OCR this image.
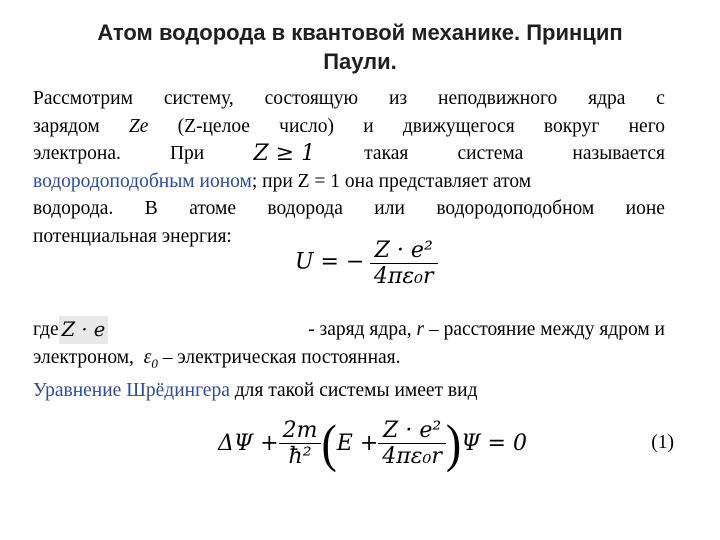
Атом водорода в квантовой механике. Принцип
Паули.
Рассмотрим систему, состоящую из неподвижного ядра с
зарядом Ze (Z-целое число) и движущегося вокруг него
электрона.	При Z ≥ 1	такая	система	называется
водородоподобным ионом; при Z = 1 она представляет атом
водорода. В атоме водорода или водородоподобном ионе
потенциальная энергия:
U = − $\frac{\text{Z · e²}}{\text{4πε₀r}}$
где Z · e	- заряд ядра,
r
– расстояние между ядром и
электроном, $\varepsilon_0$ – электрическая постоянная.
Уравнение Шрёдингера для такой системы имеет вид
$\Delta\Psi + \frac{2m}{\text{ħ²}}$ ( $E + \frac{\text{Z · e²}}{\text{4πε₀r}}$ ) Ψ = 0	(1)
